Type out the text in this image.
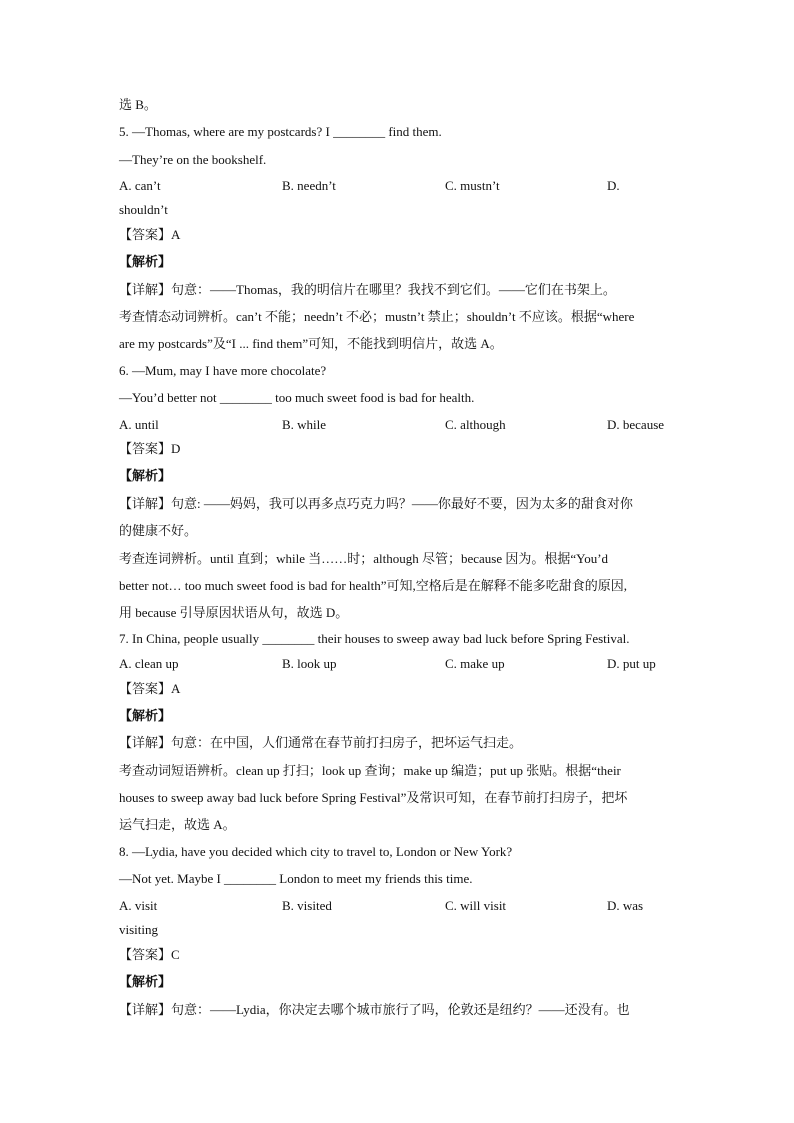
选 B。
5. —Thomas, where are my postcards? I ________ find them.
—They’re on the bookshelf.
A. can’t	B. needn’t	C. mustn’t	D.
shouldn’t
【答案】A
【解析】
【详解】句意：——Thomas，我的明信片在哪里？我找不到它们。——它们在书架上。
考查情态动词辨析。can’t 不能；needn’t 不必；mustn’t 禁止；shouldn’t 不应该。根据“where
are my postcards”及“I ... find them”可知，不能找到明信片，故选 A。
6. —Mum, may I have more chocolate?
—You’d better not ________ too much sweet food is bad for health.
A. until	B. while	C. although	D. because
【答案】D
【解析】
【详解】句意: ——妈妈，我可以再多点巧克力吗？——你最好不要，因为太多的甜食对你
的健康不好。
考查连词辨析。until 直到；while 当……时；although 尽管；because 因为。根据“You’d
better not… too much sweet food is bad for health”可知,空格后是在解释不能多吃甜食的原因,
用 because 引导原因状语从句，故选 D。
7. In China, people usually ________ their houses to sweep away bad luck before Spring Festival.
A. clean up	B. look up	C. make up	D. put up
【答案】A
【解析】
【详解】句意：在中国，人们通常在春节前打扫房子，把坏运气扫走。
考查动词短语辨析。clean up 打扫；look up 查询；make up 编造；put up 张贴。根据“their
houses to sweep away bad luck before Spring Festival”及常识可知，在春节前打扫房子，把坏
运气扫走，故选 A。
8. —Lydia, have you decided which city to travel to, London or New York?
—Not yet. Maybe I ________ London to meet my friends this time.
A. visit	B. visited	C. will visit	D. was
visiting
【答案】C
【解析】
【详解】句意：——Lydia，你决定去哪个城市旅行了吗，伦敦还是纽约？——还没有。也
